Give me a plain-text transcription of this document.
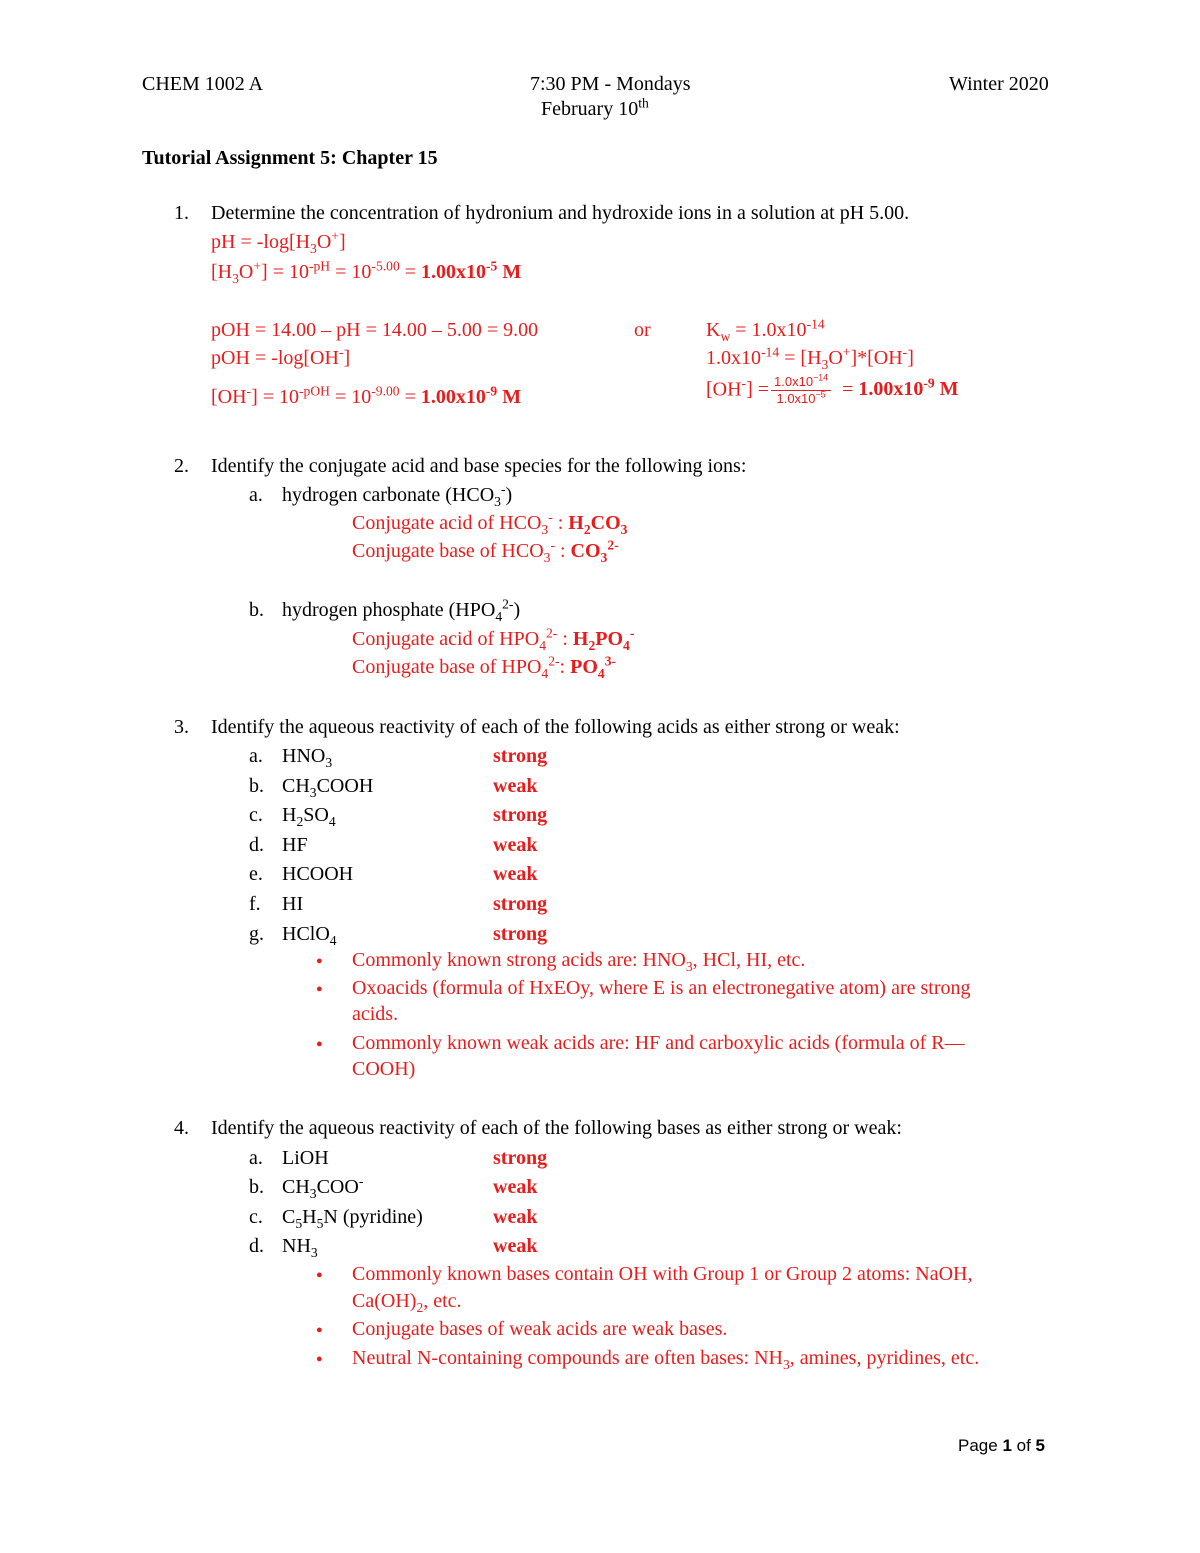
CHEM 1002 A	7:30 PM - Mondays	Winter 2020
February 10th
Tutorial Assignment 5: Chapter 15
1. Determine the concentration of hydronium and hydroxide ions in a solution at pH 5.00.
pH = $-\log[H_3O^+]$
$[H_3O^+] = 10^{-pH} = 10^{-5.00} = 1.00x10^{-5}$ M
pOH = 14.00 – pH = 14.00 – 5.00 = 9.00	or	$K_w = 1.0x10^{-14}$
pOH = -log[OH-]	$1.0x10^{-14} = [H_3O^+]*[OH^-]$
$[OH^-] = 10^{-pOH} = 10^{-9.00} = 1.00x10^{-9}$ M	$[OH^-] = \frac{1.0x10^{-14}}{1.0x10^{-5}} = 1.00x10^{-9}$ M
2. Identify the conjugate acid and base species for the following ions:
a. hydrogen carbonate $(HCO_3^-)$
Conjugate acid of $HCO_3^-$ : $H_2CO_3$
Conjugate base of $HCO_3^-$ : $CO_3^{2-}$
b. hydrogen phosphate $(HPO_4^{2-})$
Conjugate acid of $HPO_4^{2-}$ : $H_2PO_4^-$
Conjugate base of $HPO_4^{2-}$: $PO_4^{3-}$
3. Identify the aqueous reactivity of each of the following acids as either strong or weak:
a. $HNO_3$	strong
b. $CH_3COOH$	weak
c. $H_2SO_4$	strong
d. HF	weak
e. HCOOH	weak
f. HI	strong
g. HClO$_4$	strong
● Commonly known strong acids are: $HNO_3$, HCl, HI, etc.
● Oxoacids (formula of HxEOy, where E is an electronegative atom) are strong
acids.
● Commonly known weak acids are: HF and carboxylic acids (formula of R—
COOH)
4. Identify the aqueous reactivity of each of the following bases as either strong or weak:
a. LiOH	strong
b. $CH_3COO^-$	weak
c. $C_5H_5N$ (pyridine)	weak
d. $NH_3$	weak
● Commonly known bases contain OH with Group 1 or Group 2 atoms: NaOH,
$Ca(OH)_2$, etc.
● Conjugate bases of weak acids are weak bases.
● Neutral N-containing compounds are often bases: $NH_3$, amines, pyridines, etc.
Page 1 of 5
